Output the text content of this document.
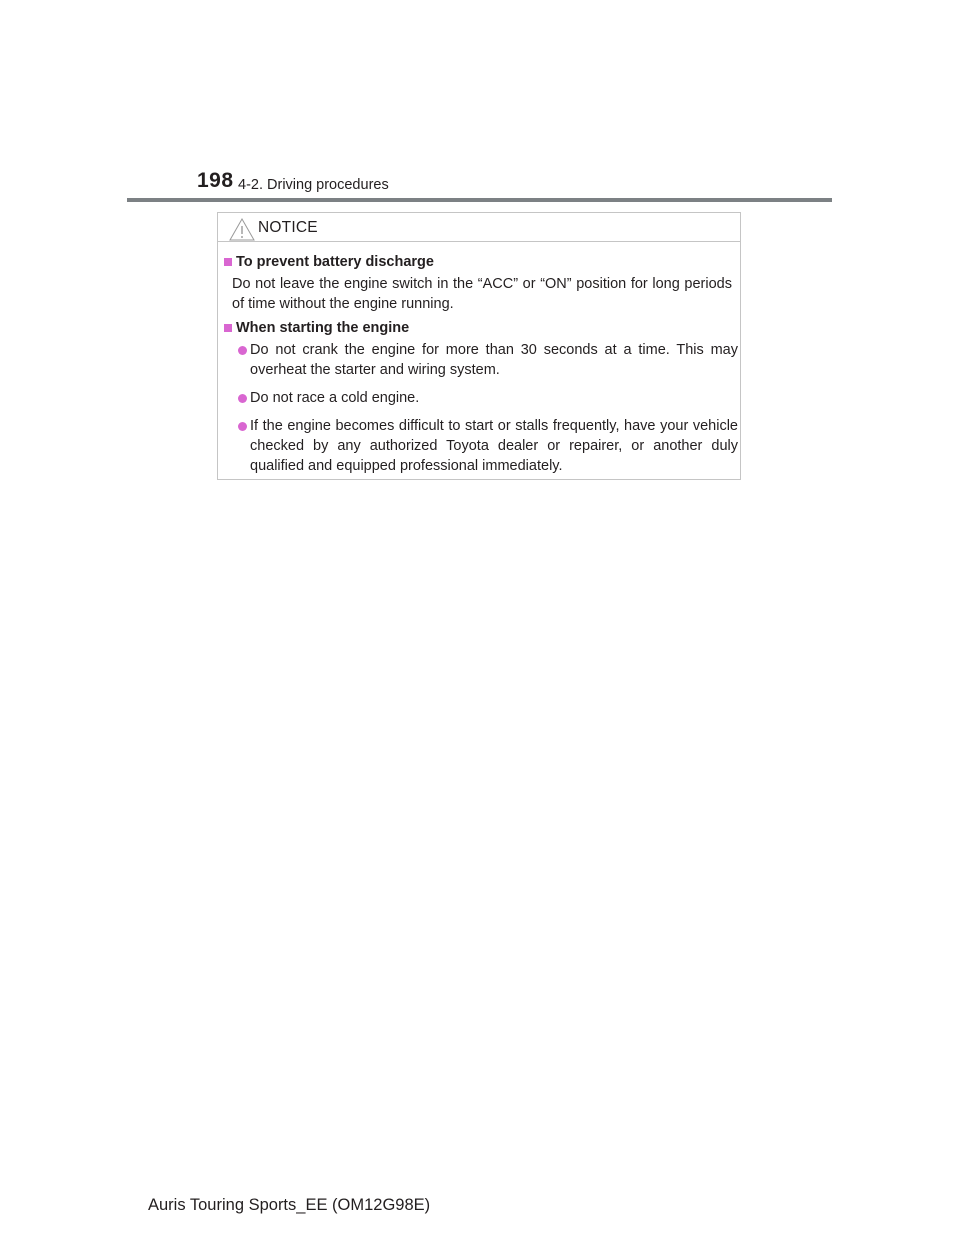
198 4-2. Driving procedures
NOTICE
To prevent battery discharge
Do not leave the engine switch in the “ACC” or “ON” position for long periods of time without the engine running.
When starting the engine
Do not crank the engine for more than 30 seconds at a time. This may overheat the starter and wiring system.
Do not race a cold engine.
If the engine becomes difficult to start or stalls frequently, have your vehicle checked by any authorized Toyota dealer or repairer, or another duly qualified and equipped professional immediately.
Auris Touring Sports_EE (OM12G98E)
